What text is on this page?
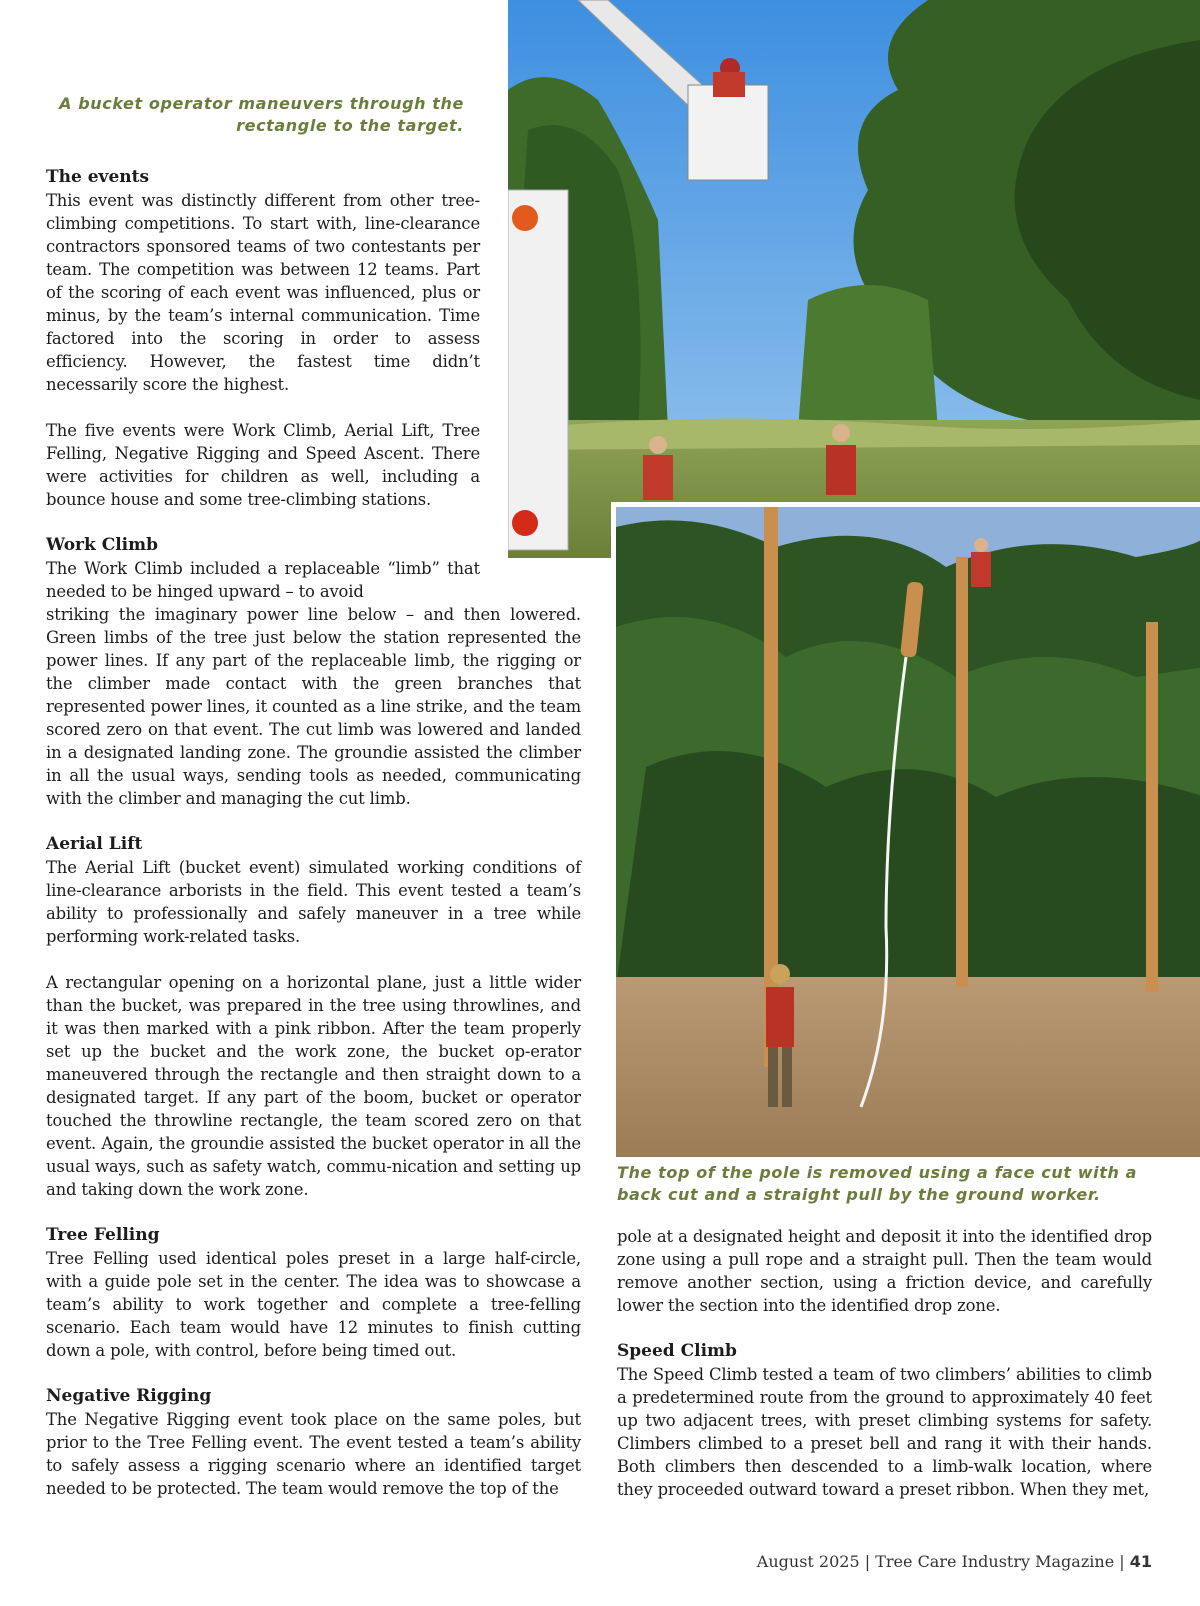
A bucket operator maneuvers through the
rectangle to the target.
The events

This event was distinctly different from other tree-climbing competitions. To start with, line-clearance contractors sponsored teams of two contestants per team. The competition was between 12 teams. Part of the scoring of each event was influenced, plus or minus, by the team’s internal communication. Time factored into the scoring in order to assess efficiency. However, the fastest time didn’t necessarily score the highest.

The five events were Work Climb, Aerial Lift, Tree Felling, Negative Rigging and Speed Ascent. There were activities for children as well, including a bounce house and some tree-climbing stations.

Work Climb

The Work Climb included a replaceable “limb” that needed to be hinged upward – to avoid

striking the imaginary power line below – and then lowered. Green limbs of the tree just below the station represented the power lines. If any part of the replaceable limb, the rigging or the climber made contact with the green branches that represented power lines, it counted as a line strike, and the team scored zero on that event. The cut limb was lowered and landed in a designated landing zone. The groundie assisted the climber in all the usual ways, sending tools as needed, communicating with the climber and managing the cut limb.

Aerial Lift

The Aerial Lift (bucket event) simulated working conditions of line-clearance arborists in the field. This event tested a team’s ability to professionally and safely maneuver in a tree while performing work-related tasks.

A rectangular opening on a horizontal plane, just a little wider than the bucket, was prepared in the tree using throwlines, and it was then marked with a pink ribbon. After the team properly set up the bucket and the work zone, the bucket op-erator maneuvered through the rectangle and then straight down to a designated target. If any part of the boom, bucket or operator touched the throwline rectangle, the team scored zero on that event. Again, the groundie assisted the bucket operator in all the usual ways, such as safety watch, commu-nication and setting up and taking down the work zone.

Tree Felling

Tree Felling used identical poles preset in a large half-circle, with a guide pole set in the center. The idea was to showcase a team’s ability to work together and complete a tree-felling scenario. Each team would have 12 minutes to finish cutting down a pole, with control, before being timed out.

Negative Rigging

The Negative Rigging event took place on the same poles, but prior to the Tree Felling event. The event tested a team’s ability to safely assess a rigging scenario where an identified target needed to be protected. The team would remove the top of the

The top of the pole is removed using a face cut with a
back cut and a straight pull by the ground worker.

pole at a designated height and deposit it into the identified drop zone using a pull rope and a straight pull. Then the team would remove another section, using a friction device, and carefully lower the section into the identified drop zone.

Speed Climb

The Speed Climb tested a team of two climbers’ abilities to climb a predetermined route from the ground to approximately 40 feet up two adjacent trees, with preset climbing systems for safety. Climbers climbed to a preset bell and rang it with their hands. Both climbers then descended to a limb-walk location, where they proceeded outward toward a preset ribbon. When they met,

August 2025 | Tree Care Industry Magazine | 41
